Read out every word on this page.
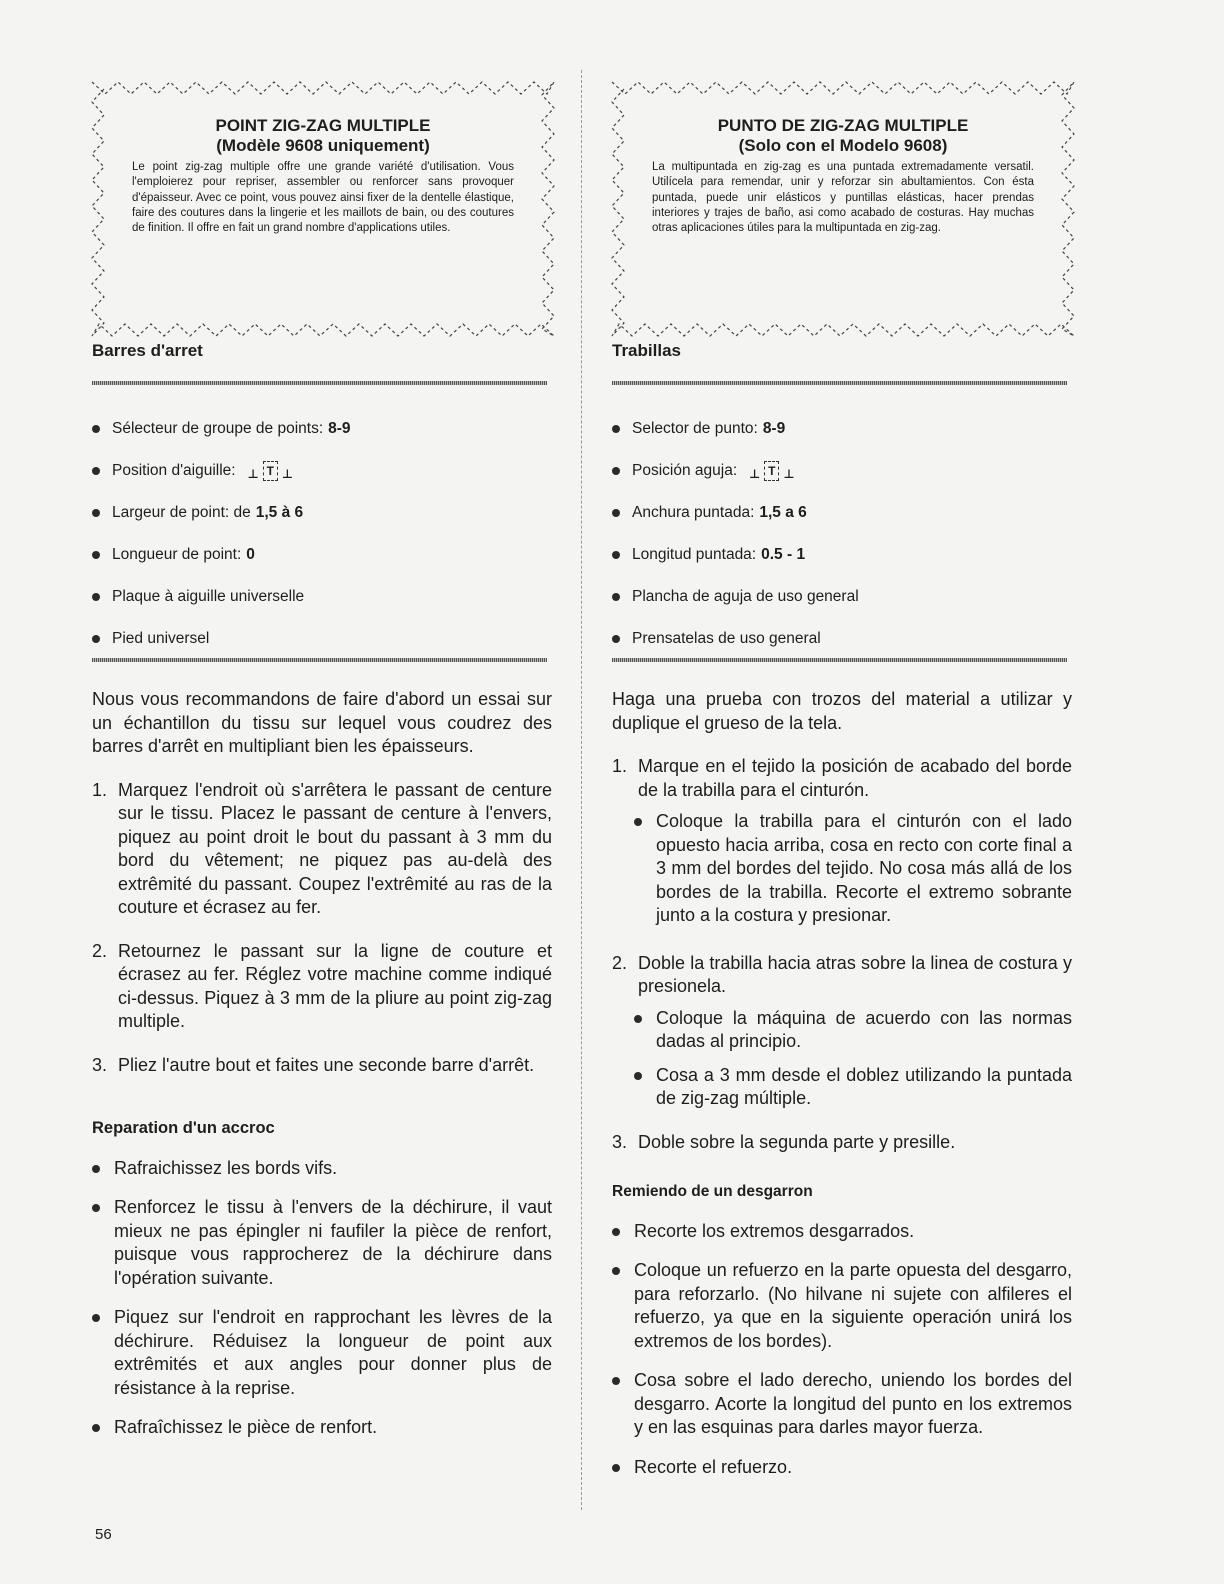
POINT ZIG-ZAG MULTIPLE

(Modèle 9608 uniquement)

Le point zig-zag multiple offre une grande variété d'utilisation. Vous l'emploierez pour repriser, assembler ou renforcer sans provoquer d'épaisseur. Avec ce point, vous pouvez ainsi fixer de la dentelle élastique, faire des coutures dans la lingerie et les maillots de bain, ou des coutures de finition. Il offre en fait un grand nombre d'applications utiles.

Barres d'arret

Sélecteur de groupe de points: 8-9
Position d'aiguille: ⊥ T ⊥
Largeur de point: de 1,5 à 6
Longueur de point: 0
Plaque à aiguille universelle
Pied universel

Nous vous recommandons de faire d'abord un essai sur un échantillon du tissu sur lequel vous coudrez des barres d'arrêt en multipliant bien les épaisseurs.

1. Marquez l'endroit où s'arrêtera le passant de centure sur le tissu. Placez le passant de centure à l'envers, piquez au point droit le bout du passant à 3 mm du bord du vêtement; ne piquez pas au-delà des extrêmité du passant. Coupez l'extrêmité au ras de la couture et écrasez au fer.
2. Retournez le passant sur la ligne de couture et écrasez au fer. Réglez votre machine comme indiqué ci-dessus. Piquez à 3 mm de la pliure au point zig-zag multiple.
3. Pliez l'autre bout et faites une seconde barre d'arrêt.
Reparation d'un accroc
Rafraichissez les bords vifs.
Renforcez le tissu à l'envers de la déchirure, il vaut mieux ne pas épingler ni faufiler la pièce de renfort, puisque vous rapprocherez de la déchirure dans l'opération suivante.
Piquez sur l'endroit en rapprochant les lèvres de la déchirure. Réduisez la longueur de point aux extrêmités et aux angles pour donner plus de résistance à la reprise.
Rafraîchissez le pièce de renfort.

PUNTO DE ZIG-ZAG MULTIPLE

(Solo con el Modelo 9608)

La multipuntada en zig-zag es una puntada extremadamente versatil. Utilícela para remendar, unir y reforzar sin abultamientos. Con ésta puntada, puede unir elásticos y puntillas elásticas, hacer prendas interiores y trajes de baño, asi como acabado de costuras. Hay muchas otras aplicaciones útiles para la multipuntada en zig-zag.

Trabillas

Selector de punto: 8-9
Posición aguja: ⊥ T ⊥
Anchura puntada: 1,5 a 6
Longitud puntada: 0.5 - 1
Plancha de aguja de uso general
Prensatelas de uso general

Haga una prueba con trozos del material a utilizar y duplique el grueso de la tela.

1. Marque en el tejido la posición de acabado del borde de la trabilla para el cinturón.
Coloque la trabilla para el cinturón con el lado opuesto hacia arriba, cosa en recto con corte final a 3 mm del bordes del tejido. No cosa más allá de los bordes de la trabilla. Recorte el extremo sobrante junto a la costura y presionar.
2. Doble la trabilla hacia atras sobre la linea de costura y presionela.
Coloque la máquina de acuerdo con las normas dadas al principio.
Cosa a 3 mm desde el doblez utilizando la puntada de zig-zag múltiple.
3. Doble sobre la segunda parte y presille.
Remiendo de un desgarron
Recorte los extremos desgarrados.
Coloque un refuerzo en la parte opuesta del desgarro, para reforzarlo. (No hilvane ni sujete con alfileres el refuerzo, ya que en la siguiente operación unirá los extremos de los bordes).
Cosa sobre el lado derecho, uniendo los bordes del desgarro. Acorte la longitud del punto en los extremos y en las esquinas para darles mayor fuerza.
Recorte el refuerzo.
56
